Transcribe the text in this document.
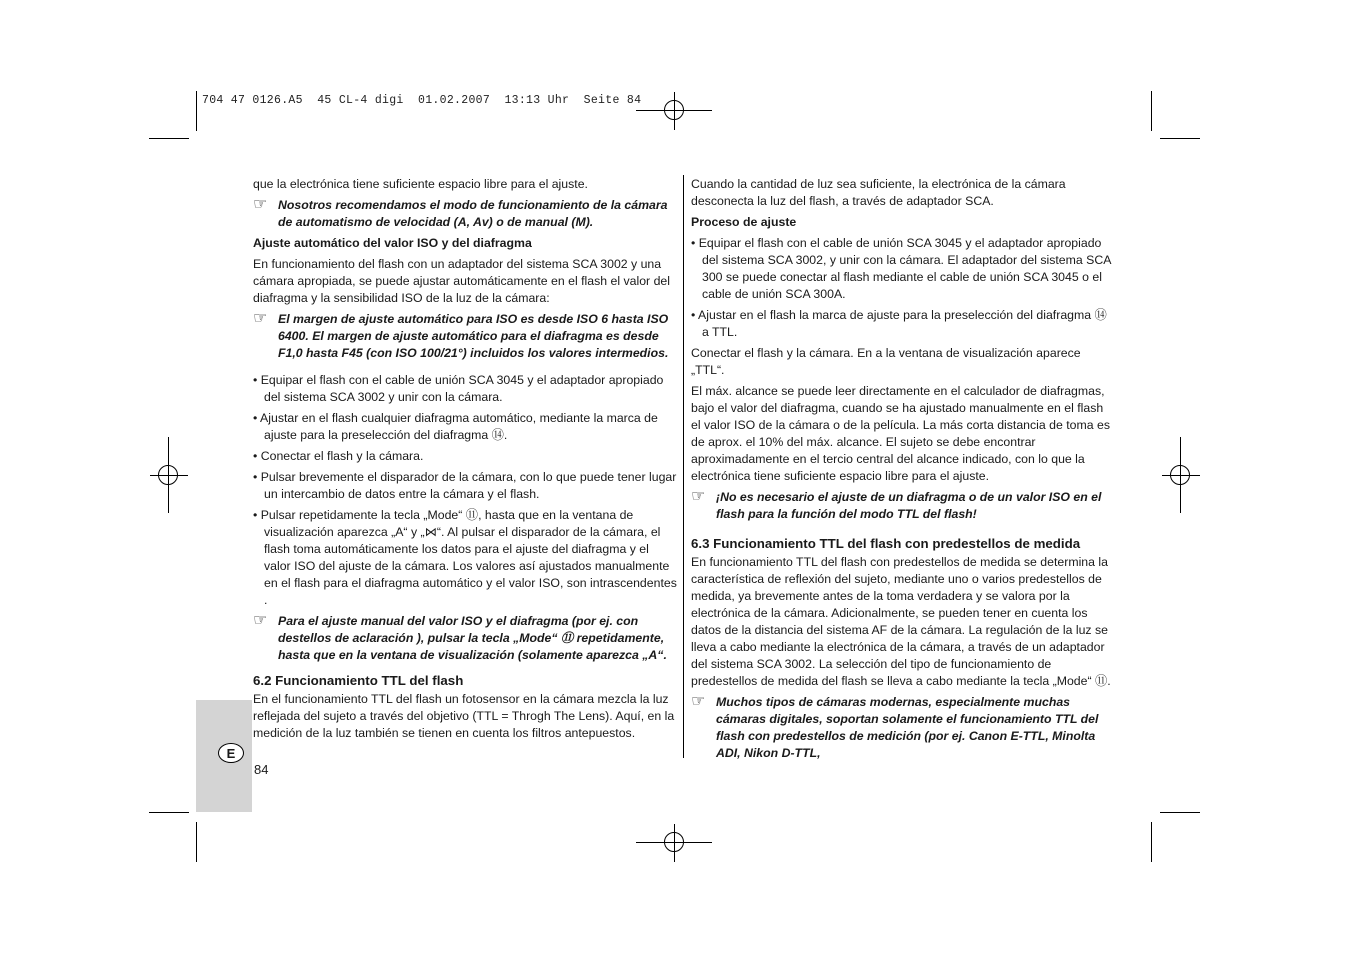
704 47 0126.A5  45 CL-4 digi  01.02.2007  13:13 Uhr  Seite 84
E
84

que la electrónica tiene suficiente espacio libre para el ajuste.

☞ Nosotros recomendamos el modo de funcionamiento de la cámara de automatismo de velocidad (A, Av) o de manual (M).
Ajuste automático del valor ISO y del diafragma

En funcionamiento del flash con un adaptador del sistema SCA 3002 y una cámara apropiada, se puede ajustar automáticamente en el flash el valor del diafragma y la sensibilidad ISO de la luz de la cámara:

☞ El margen de ajuste automático para ISO es desde ISO 6 hasta ISO 6400. El margen de ajuste automático para el diafragma es desde F1,0 hasta F45 (con ISO 100/21°) incluidos los valores intermedios.
• Equipar el flash con el cable de unión SCA 3045 y el adaptador apropiado del sistema SCA 3002 y unir con la cámara.
• Ajustar en el flash cualquier diafragma automático, mediante la marca de ajuste para la preselección del diafragma ⑭.
• Conectar el flash y la cámara.
• Pulsar brevemente el disparador de la cámara, con lo que puede tener lugar un intercambio de datos entre la cámara y el flash.
• Pulsar repetidamente la tecla „Mode“ ⑪, hasta que en la ventana de visualización aparezca „A“ y „⋈“. Al pulsar el disparador de la cámara, el flash toma automáticamente los datos para el ajuste del diafragma y el valor ISO del ajuste de la cámara. Los valores así ajustados manualmente en el flash para el diafragma automático y el valor ISO, son intrascendentes .
☞ Para el ajuste manual del valor ISO y el diafragma (por ej. con destellos de aclaración ), pulsar la tecla „Mode“ ⑪ repetidamente, hasta que en la ventana de visualización (solamente aparezca „A“.
6.2 Funcionamiento TTL del flash

En el funcionamiento TTL del flash un fotosensor en la cámara mezcla la luz reflejada del sujeto a través del objetivo (TTL = Throgh The Lens). Aquí, en la medición de la luz también se tienen en cuenta los filtros antepuestos.

Cuando la cantidad de luz sea suficiente, la electrónica de la cámara desconecta la luz del flash, a través de adaptador SCA.

Proceso de ajuste
• Equipar el flash con el cable de unión SCA 3045 y el adaptador apropiado del sistema SCA 3002, y unir con la cámara. El adaptador del sistema SCA 300 se puede conectar al flash mediante el cable de unión SCA 3045 o el cable de unión SCA 300A.
• Ajustar en el flash la marca de ajuste para la preselección del diafragma ⑭ a TTL.

Conectar el flash y la cámara. En a la ventana de visualización aparece „TTL“.

El máx. alcance se puede leer directamente en el calculador de diafragmas, bajo el valor del diafragma, cuando se ha ajustado manualmente en el flash el valor ISO de la cámara o de la película. La más corta distancia de toma es de aprox. el 10% del máx. alcance. El sujeto se debe encontrar aproximadamente en el tercio central del alcance indicado, con lo que la electrónica tiene suficiente espacio libre para el ajuste.

☞ ¡No es necesario el ajuste de un diafragma o de un valor ISO en el flash para la función del modo TTL del flash!
6.3 Funcionamiento TTL del flash con predestellos de medida

En funcionamiento TTL del flash con predestellos de medida se determina la característica de reflexión del sujeto, mediante uno o varios predestellos de medida, ya brevemente antes de la toma verdadera y se valora por la electrónica de la cámara. Adicionalmente, se pueden tener en cuenta los datos de la distancia del sistema AF de la cámara. La regulación de la luz se lleva a cabo mediante la electrónica de la cámara, a través de un adaptador del sistema SCA 3002. La selección del tipo de funcionamiento de predestellos de medida del flash se lleva a cabo mediante la tecla „Mode“ ⑪.

☞ Muchos tipos de cámaras modernas, especialmente muchas cámaras digitales, soportan solamente el funcionamiento TTL del flash con predestellos de medición (por ej. Canon E-TTL, Minolta ADI, Nikon D-TTL,
